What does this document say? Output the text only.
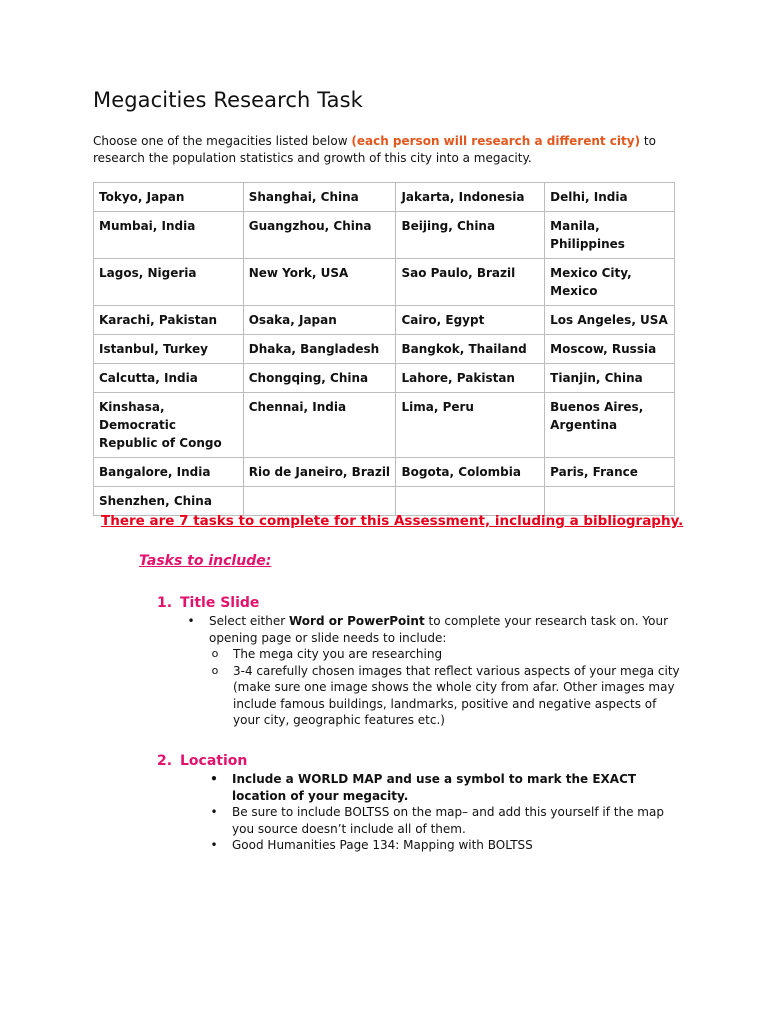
Megacities Research Task

Choose one of the megacities listed below (each person will research a different city) to research the population statistics and growth of this city into a megacity.

Tokyo, Japan	Shanghai, China	Jakarta, Indonesia	Delhi, India
Mumbai, India	Guangzhou, China	Beijing, China	Manila, Philippines
Lagos, Nigeria	New York, USA	Sao Paulo, Brazil	Mexico City, Mexico
Karachi, Pakistan	Osaka, Japan	Cairo, Egypt	Los Angeles, USA
Istanbul, Turkey	Dhaka, Bangladesh	Bangkok, Thailand	Moscow, Russia
Calcutta, India	Chongqing, China	Lahore, Pakistan	Tianjin, China
Kinshasa, Democratic Republic of Congo	Chennai, India	Lima, Peru	Buenos Aires, Argentina
Bangalore, India	Rio de Janeiro, Brazil	Bogota, Colombia	Paris, France
Shenzhen, China			

There are 7 tasks to complete for this Assessment, including a bibliography.

Tasks to include:

1. Title Slide

• Select either Word or PowerPoint to complete your research task on. Your opening page or slide needs to include:
o The mega city you are researching
o 3-4 carefully chosen images that reflect various aspects of your mega city (make sure one image shows the whole city from afar. Other images may include famous buildings, landmarks, positive and negative aspects of your city, geographic features etc.)

2. Location

• Include a WORLD MAP and use a symbol to mark the EXACT location of your megacity.
• Be sure to include BOLTSS on the map– and add this yourself if the map you source doesn’t include all of them.
• Good Humanities Page 134: Mapping with BOLTSS
